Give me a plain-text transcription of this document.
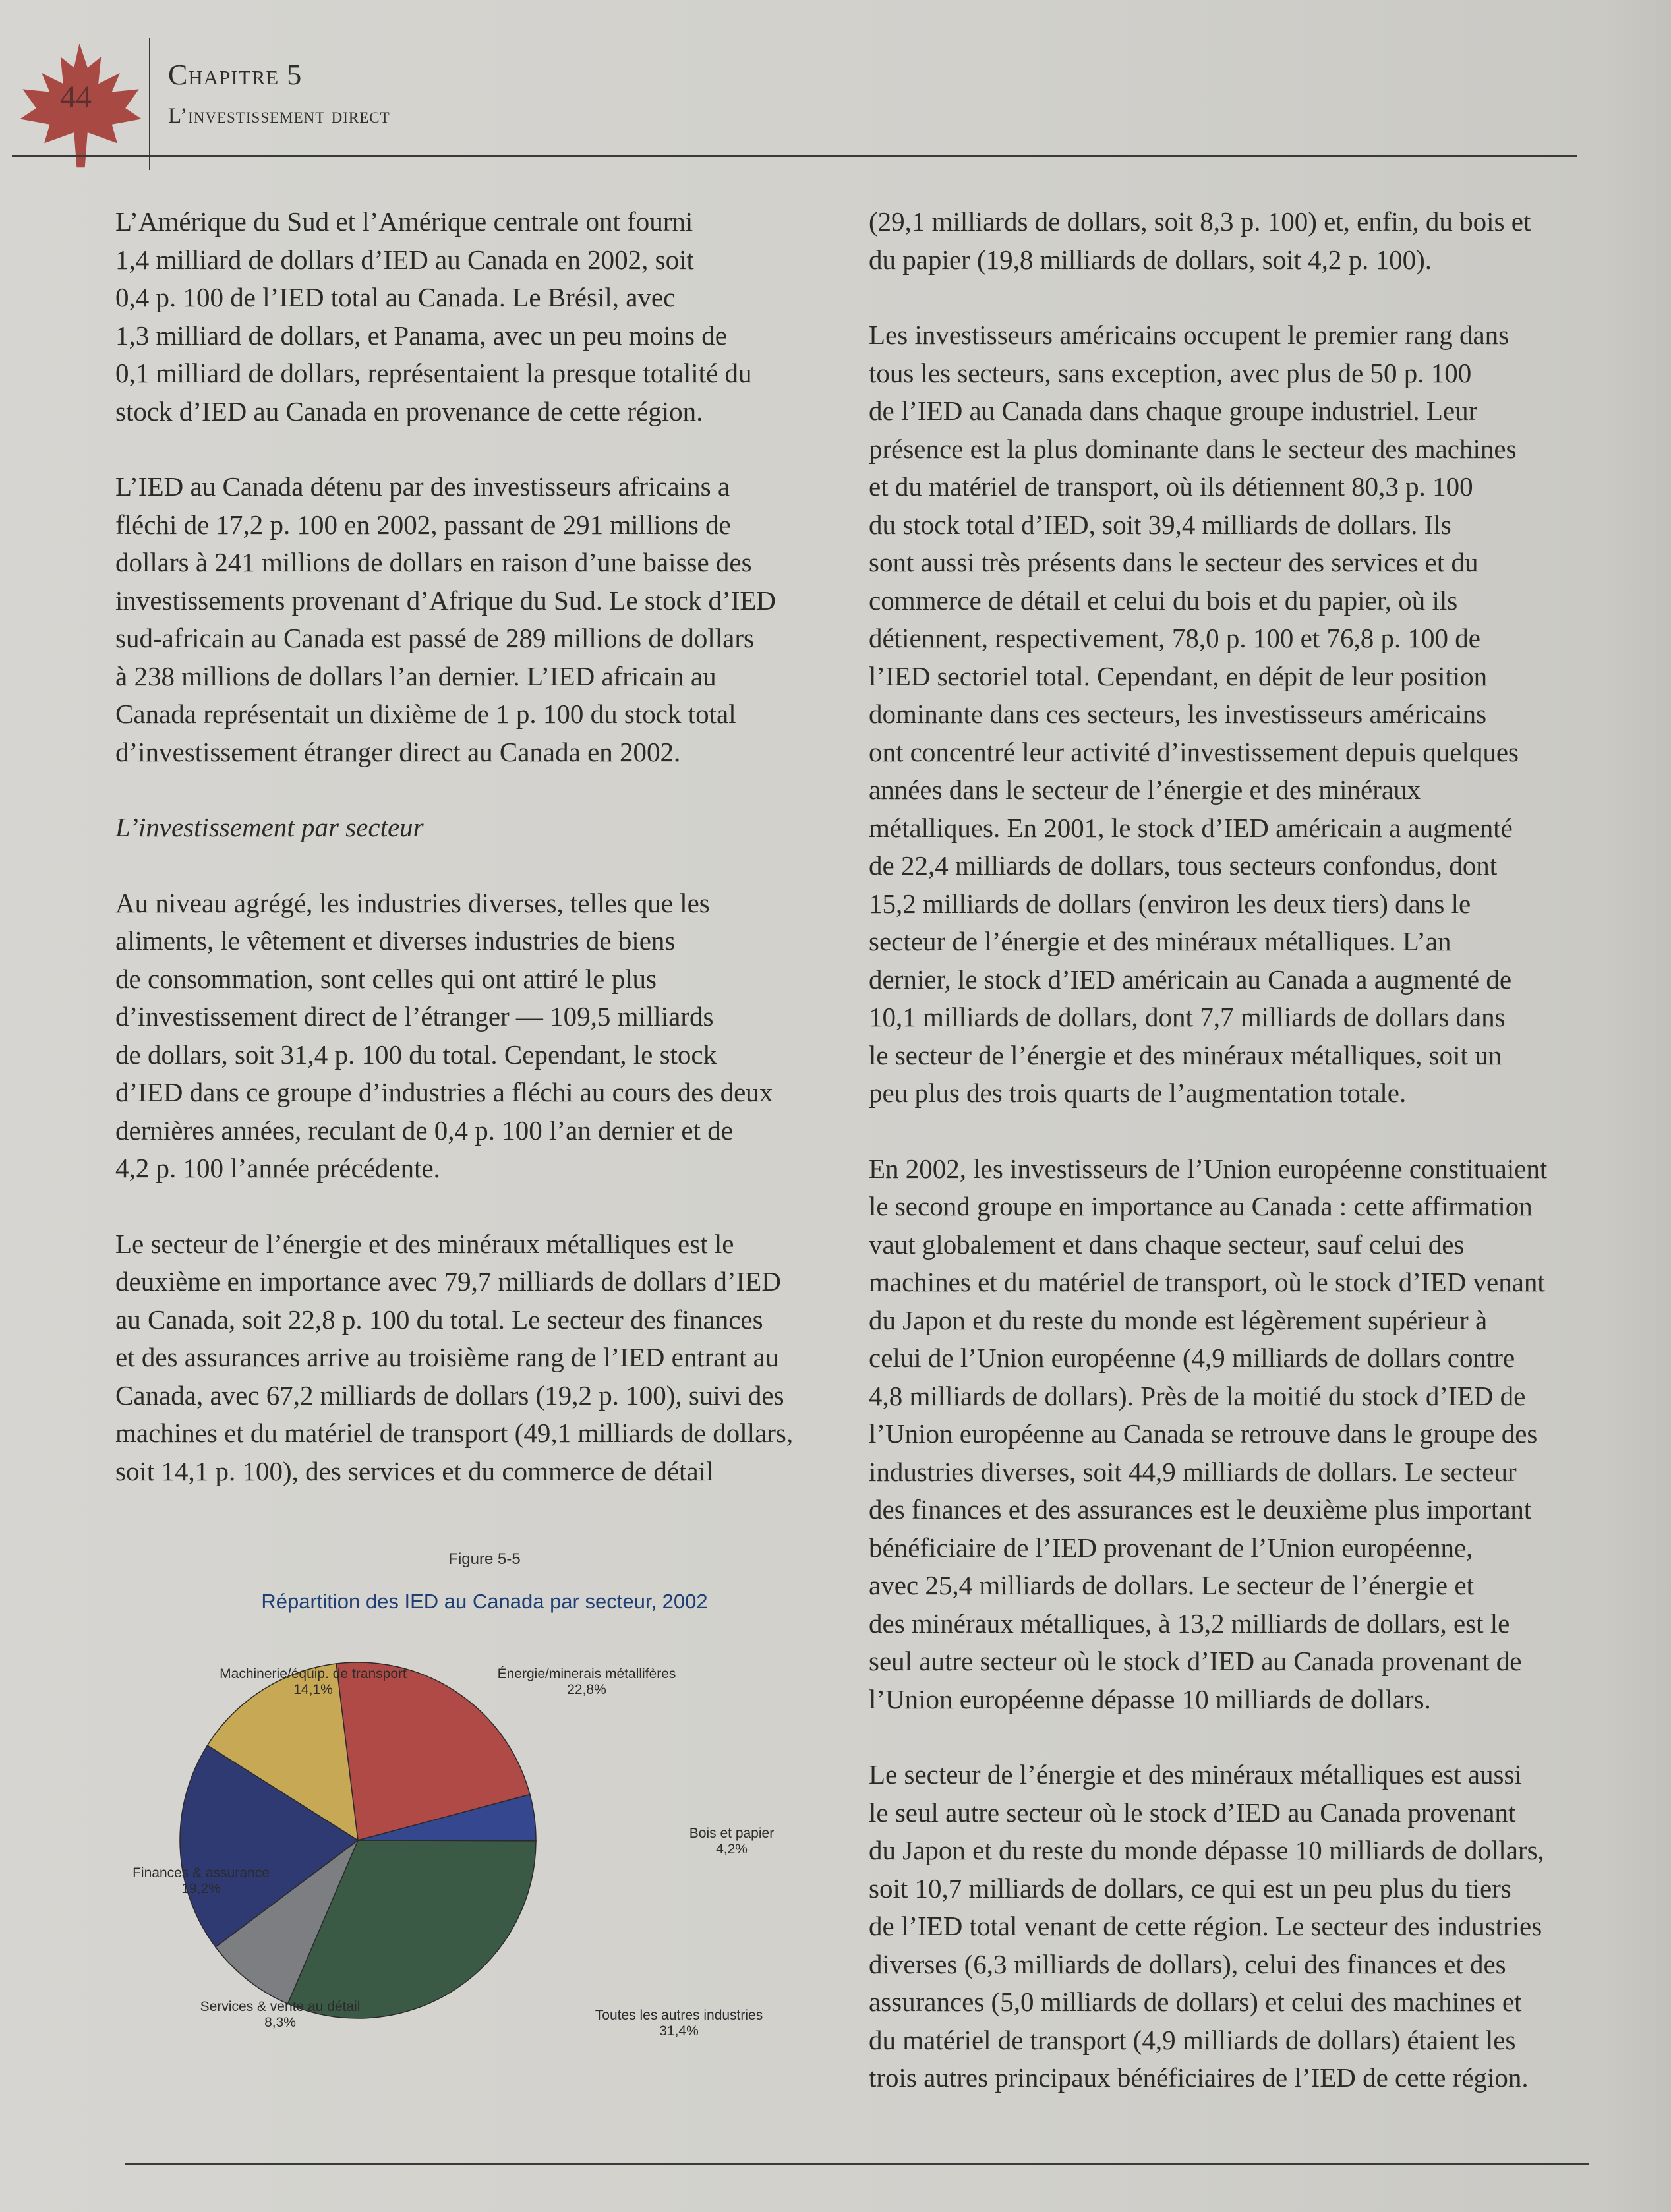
44
Chapitre 5
L’investissement direct

L’Amérique du Sud et l’Amérique centrale ont fourni
1,4 milliard de dollars d’IED au Canada en 2002, soit
0,4 p. 100 de l’IED total au Canada. Le Brésil, avec
1,3 milliard de dollars, et Panama, avec un peu moins de
0,1 milliard de dollars, représentaient la presque totalité du
stock d’IED au Canada en provenance de cette région.

L’IED au Canada détenu par des investisseurs africains a
fléchi de 17,2 p. 100 en 2002, passant de 291 millions de
dollars à 241 millions de dollars en raison d’une baisse des
investissements provenant d’Afrique du Sud. Le stock d’IED
sud-africain au Canada est passé de 289 millions de dollars
à 238 millions de dollars l’an dernier. L’IED africain au
Canada représentait un dixième de 1 p. 100 du stock total
d’investissement étranger direct au Canada en 2002.

L’investissement par secteur

Au niveau agrégé, les industries diverses, telles que les
aliments, le vêtement et diverses industries de biens
de consommation, sont celles qui ont attiré le plus
d’investissement direct de l’étranger — 109,5 milliards
de dollars, soit 31,4 p. 100 du total. Cependant, le stock
d’IED dans ce groupe d’industries a fléchi au cours des deux
dernières années, reculant de 0,4 p. 100 l’an dernier et de
4,2 p. 100 l’année précédente.

Le secteur de l’énergie et des minéraux métalliques est le
deuxième en importance avec 79,7 milliards de dollars d’IED
au Canada, soit 22,8 p. 100 du total. Le secteur des finances
et des assurances arrive au troisième rang de l’IED entrant au
Canada, avec 67,2 milliards de dollars (19,2 p. 100), suivi des
machines et du matériel de transport (49,1 milliards de dollars,
soit 14,1 p. 100), des services et du commerce de détail

(29,1 milliards de dollars, soit 8,3 p. 100) et, enfin, du bois et
du papier (19,8 milliards de dollars, soit 4,2 p. 100).

Les investisseurs américains occupent le premier rang dans
tous les secteurs, sans exception, avec plus de 50 p. 100
de l’IED au Canada dans chaque groupe industriel. Leur
présence est la plus dominante dans le secteur des machines
et du matériel de transport, où ils détiennent 80,3 p. 100
du stock total d’IED, soit 39,4 milliards de dollars. Ils
sont aussi très présents dans le secteur des services et du
commerce de détail et celui du bois et du papier, où ils
détiennent, respectivement, 78,0 p. 100 et 76,8 p. 100 de
l’IED sectoriel total. Cependant, en dépit de leur position
dominante dans ces secteurs, les investisseurs américains
ont concentré leur activité d’investissement depuis quelques
années dans le secteur de l’énergie et des minéraux
métalliques. En 2001, le stock d’IED américain a augmenté
de 22,4 milliards de dollars, tous secteurs confondus, dont
15,2 milliards de dollars (environ les deux tiers) dans le
secteur de l’énergie et des minéraux métalliques. L’an
dernier, le stock d’IED américain au Canada a augmenté de
10,1 milliards de dollars, dont 7,7 milliards de dollars dans
le secteur de l’énergie et des minéraux métalliques, soit un
peu plus des trois quarts de l’augmentation totale.

En 2002, les investisseurs de l’Union européenne constituaient
le second groupe en importance au Canada : cette affirmation
vaut globalement et dans chaque secteur, sauf celui des
machines et du matériel de transport, où le stock d’IED venant
du Japon et du reste du monde est légèrement supérieur à
celui de l’Union européenne (4,9 milliards de dollars contre
4,8 milliards de dollars). Près de la moitié du stock d’IED de
l’Union européenne au Canada se retrouve dans le groupe des
industries diverses, soit 44,9 milliards de dollars. Le secteur
des finances et des assurances est le deuxième plus important
bénéficiaire de l’IED provenant de l’Union européenne,
avec 25,4 milliards de dollars. Le secteur de l’énergie et
des minéraux métalliques, à 13,2 milliards de dollars, est le
seul autre secteur où le stock d’IED au Canada provenant de
l’Union européenne dépasse 10 milliards de dollars.

Le secteur de l’énergie et des minéraux métalliques est aussi
le seul autre secteur où le stock d’IED au Canada provenant
du Japon et du reste du monde dépasse 10 milliards de dollars,
soit 10,7 milliards de dollars, ce qui est un peu plus du tiers
de l’IED total venant de cette région. Le secteur des industries
diverses (6,3 milliards de dollars), celui des finances et des
assurances (5,0 milliards de dollars) et celui des machines et
du matériel de transport (4,9 milliards de dollars) étaient les
trois autres principaux bénéficiaires de l’IED de cette région.

Figure 5-5
Répartition des IED au Canada par secteur, 2002
Énergie/minerais métallifères
22,8%
Bois et papier
4,2%
Toutes les autres industries
31,4%
Services & vente au détail
8,3%
Finances & assurance
19,2%
Machinerie/équip. de transport
14,1%
